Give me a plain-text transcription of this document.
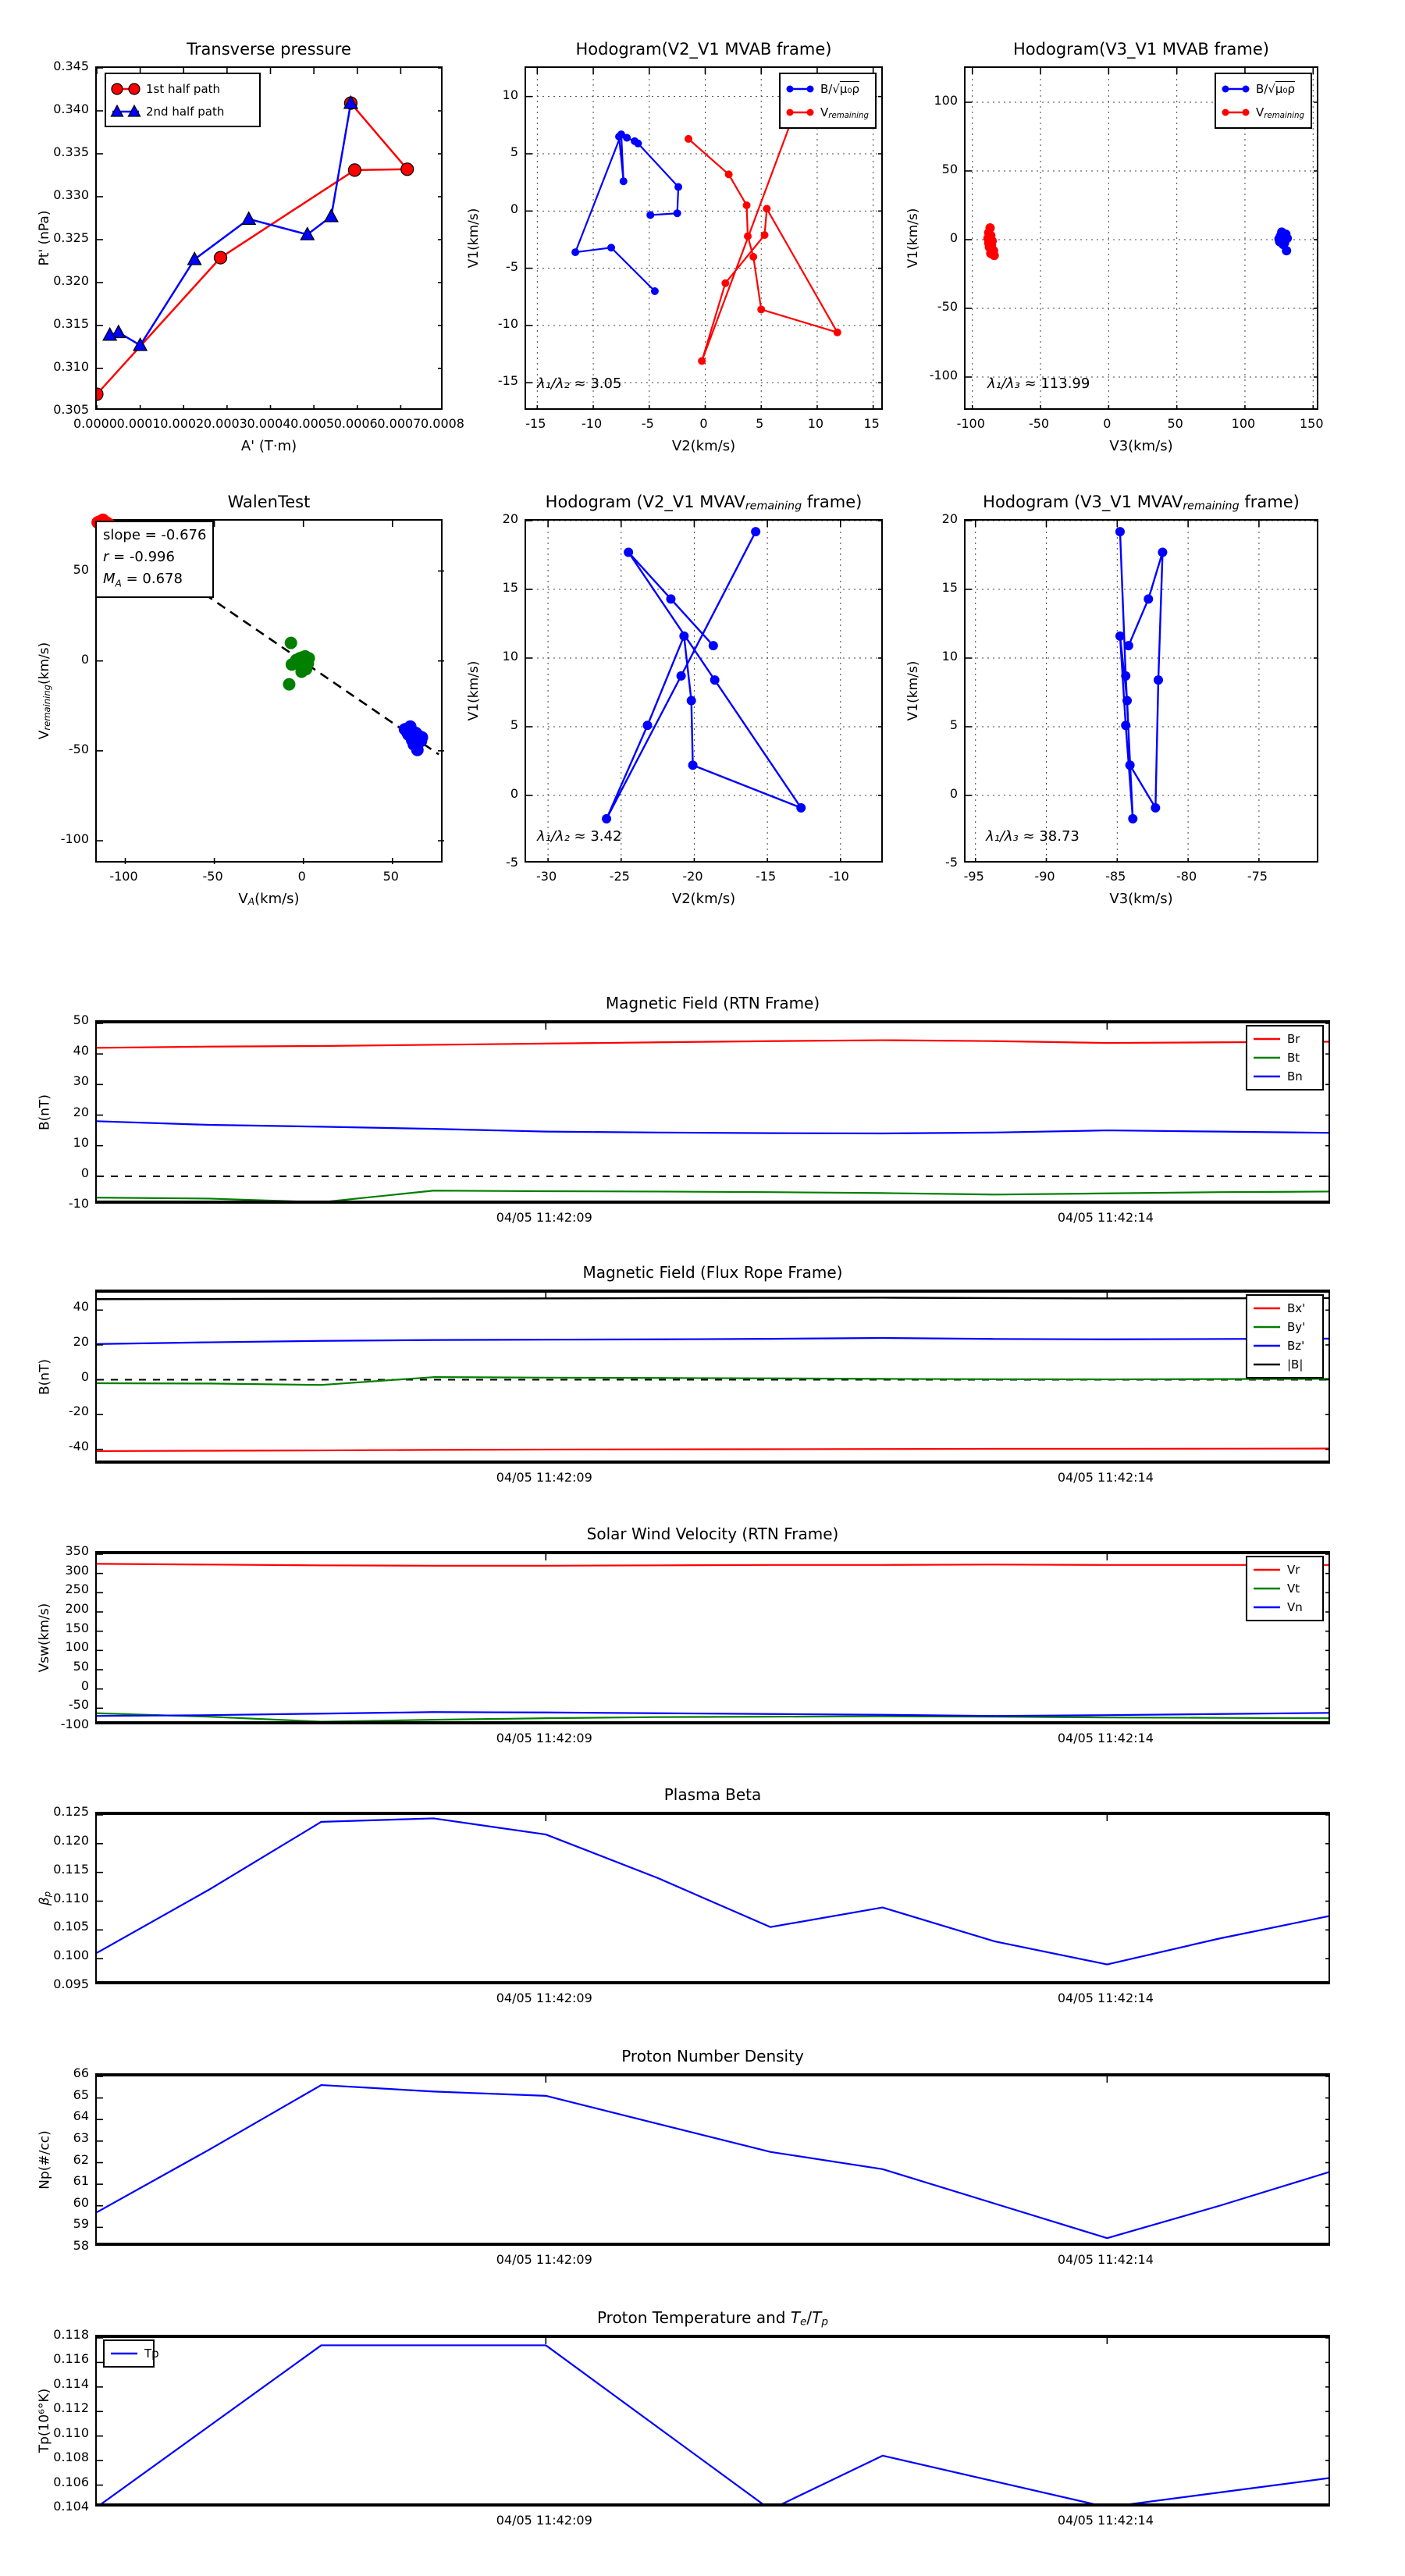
Transverse pressure
0.0000 0.0001 0.0002 0.0003 0.0004 0.0005 0.0006 0.0007 0.0008
0.305
0.310
0.315
0.320
0.325
0.330
0.335
0.340
0.345
A' (T·m)
Pt' (nPa)
1st half path
2nd half path
Hodogram(V2_V1 MVAB frame)
-15	-10	-5	0	5	10	15
-15
-10
-5
0
5
10
V2(km/s)
V1(km/s)
λ₁/λ₂ ≈ 3.05
B/√μ₀ρ
Vremaining
Hodogram(V3_V1 MVAB frame)
-100	-50	0	50	100	150
-100
-50
0
50
100
V3(km/s)
V1(km/s)
λ₁/λ₃ ≈ 113.99
B/√μ₀ρ
Vremaining
WalenTest
-100	-50	0	50
-100
-50
0
50
VA(km/s)
Vremaining(km/s)
slope = -0.676
r = -0.996
$M_A = 0.678$
Hodogram (V2_V1 MVAVremaining frame)
-30	-25	-20	-15	-10
-5
0
5
10
15
20
V2(km/s)
V1(km/s)
λ₁/λ₂ ≈ 3.42
Hodogram (V3_V1 MVAVremaining frame)
-95	-90	-85	-80	-75
-5
0
5
10
15
20
V3(km/s)
V1(km/s)
λ₁/λ₃ ≈ 38.73
Magnetic Field (RTN Frame)
04/05 11:42:09	04/05 11:42:14
-10
0
10
20
30
40
50
B(nT)
Br
Bt
Bn
Magnetic Field (Flux Rope Frame)
04/05 11:42:09	04/05 11:42:14
-40
-20
0
20
40
B(nT)
Bx'
By'
Bz'
|B|
Solar Wind Velocity (RTN Frame)
04/05 11:42:09	04/05 11:42:14
-100
-50
0
50
100
150
200
250
300
350
Vsw(km/s)
Vr
Vt
Vn
Plasma Beta
04/05 11:42:09	04/05 11:42:14
0.095
0.100
0.105
0.110
0.115
0.120
0.125
βp
Proton Number Density
04/05 11:42:09	04/05 11:42:14
58
59
60
61
62
63
64
65
66
Np(#/cc)
Proton Temperature and Te/Tp
04/05 11:42:09	04/05 11:42:14
0.104
0.106
0.108
0.110
0.112
0.114
0.116
0.118
Tp(10⁶°K)
Tp
